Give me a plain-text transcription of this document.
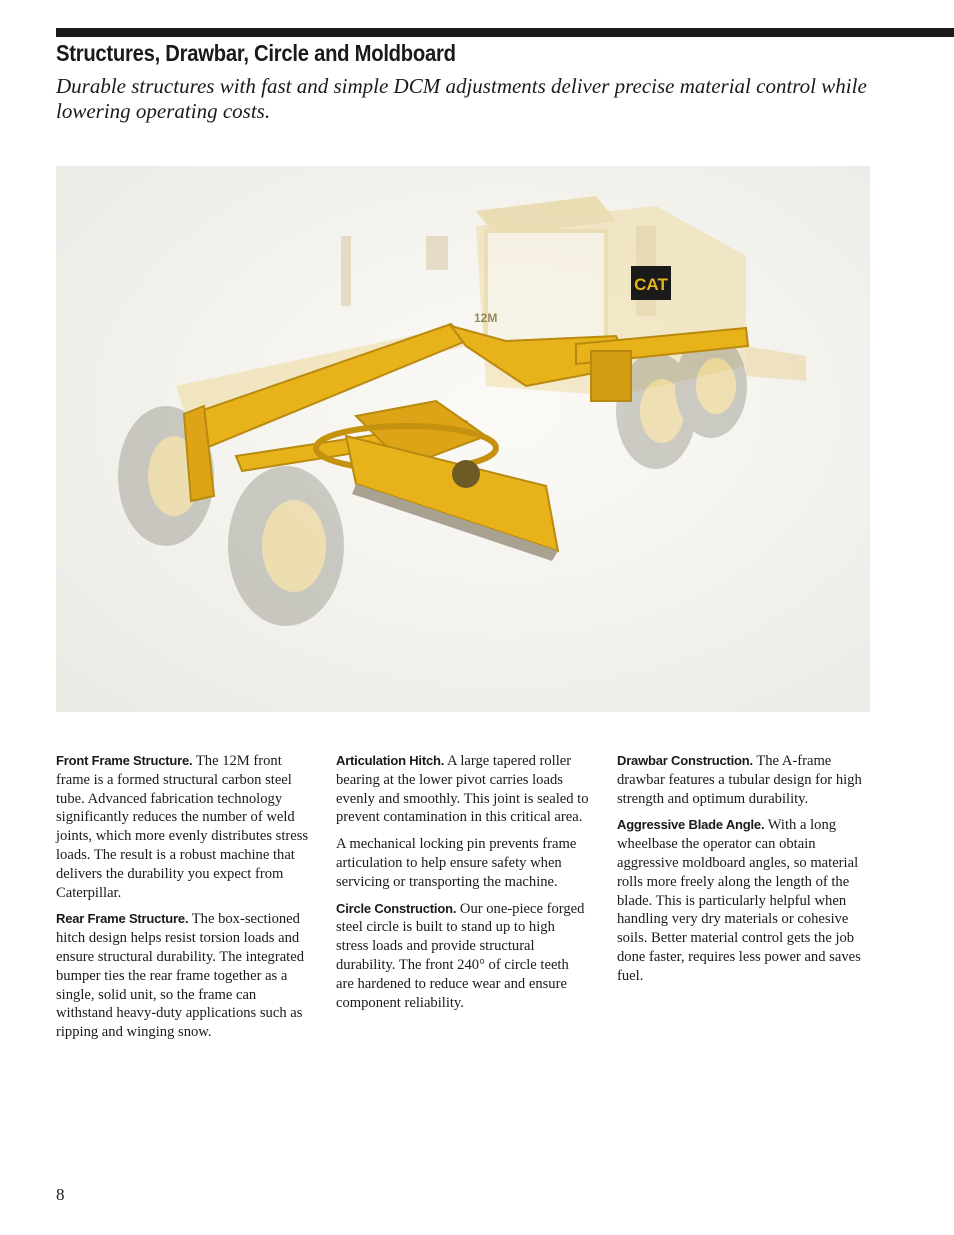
Structures, Drawbar, Circle and Moldboard

Durable structures with fast and simple DCM adjustments deliver precise material control while lowering operating costs.

CAT
12M

Front Frame Structure. The 12M front frame is a formed structural carbon steel tube. Advanced fabrication technology significantly reduces the number of weld joints, which more evenly distributes stress loads. The result is a robust machine that delivers the durability you expect from Caterpillar.

Rear Frame Structure. The box-sectioned hitch design helps resist torsion loads and ensure structural durability. The integrated bumper ties the rear frame together as a single, solid unit, so the frame can withstand heavy-duty applications such as ripping and winging snow.

Articulation Hitch. A large tapered roller bearing at the lower pivot carries loads evenly and smoothly. This joint is sealed to prevent contamination in this critical area.

A mechanical locking pin prevents frame articulation to help ensure safety when servicing or transporting the machine.

Circle Construction. Our one-piece forged steel circle is built to stand up to high stress loads and provide structural durability. The front 240° of circle teeth are hardened to reduce wear and ensure component reliability.

Drawbar Construction. The A-frame drawbar features a tubular design for high strength and optimum durability.

Aggressive Blade Angle. With a long wheelbase the operator can obtain aggressive moldboard angles, so material rolls more freely along the length of the blade. This is particularly helpful when handling very dry materials or cohesive soils. Better material control gets the job done faster, requires less power and saves fuel.

8
